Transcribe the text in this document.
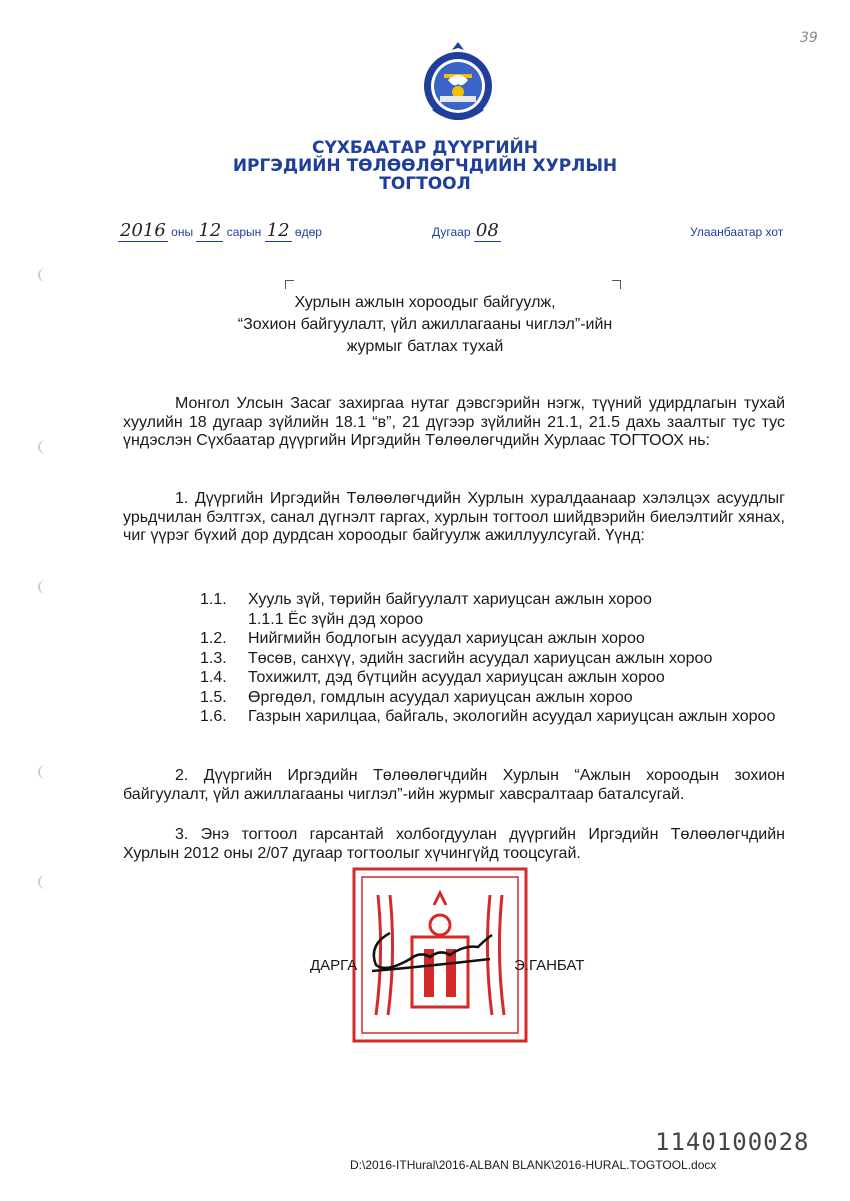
39
СҮХБААТАР ДҮҮРГИЙН
ИРГЭДИЙН ТӨЛӨӨЛӨГЧДИЙН ХУРЛЫН
ТОГТООЛ
2016 оны 12 сарын 12 өдөр	Дугаар 08	Улаанбаатар хот
Хурлын ажлын хороодыг байгуулж,
“Зохион байгуулалт, үйл ажиллагааны чиглэл”-ийн
журмыг батлах тухай
Монгол Улсын Засаг захиргаа нутаг дэвсгэрийн нэгж, түүний удирдлагын тухай хуулийн 18 дугаар зүйлийн 18.1 “в”, 21 дүгээр зүйлийн 21.1, 21.5 дахь заалтыг тус тус үндэслэн Сүхбаатар дүүргийн Иргэдийн Төлөөлөгчдийн Хурлаас ТОГТООХ нь:
1. Дүүргийн Иргэдийн Төлөөлөгчдийн Хурлын хуралдаанаар хэлэлцэх асуудлыг урьдчилан бэлтгэх, санал дүгнэлт гаргах, хурлын тогтоол шийдвэрийн биелэлтийг хянах, чиг үүрэг бүхий дор дурдсан хороодыг байгуулж ажиллуулсугай. Үүнд:
1.1.	Хууль зүй, төрийн байгуулалт хариуцсан ажлын хороо
1.1.1 Ёс зүйн дэд хороо
1.2.	Нийгмийн бодлогын асуудал хариуцсан ажлын хороо
1.3.	Төсөв, санхүү, эдийн засгийн асуудал хариуцсан ажлын хороо
1.4.	Тохижилт, дэд бүтцийн асуудал хариуцсан ажлын хороо
1.5.	Өргөдөл, гомдлын асуудал хариуцсан ажлын хороо
1.6.	Газрын харилцаа, байгаль, экологийн асуудал хариуцсан ажлын хороо
2. Дүүргийн Иргэдийн Төлөөлөгчдийн Хурлын “Ажлын хороодын зохион байгуулалт, үйл ажиллагааны чиглэл”-ийн журмыг хавсралтаар баталсугай.
3. Энэ тогтоол гарсантай холбогдуулан дүүргийн Иргэдийн Төлөөлөгчдийн Хурлын 2012 оны 2/07 дугаар тогтоолыг хүчингүйд тооцсугай.
ДАРГА	Э.ГАНБАТ
1140100028
D:\2016-ITHural\2016-ALBAN BLANK\2016-HURAL.TOGTOOL.docx
